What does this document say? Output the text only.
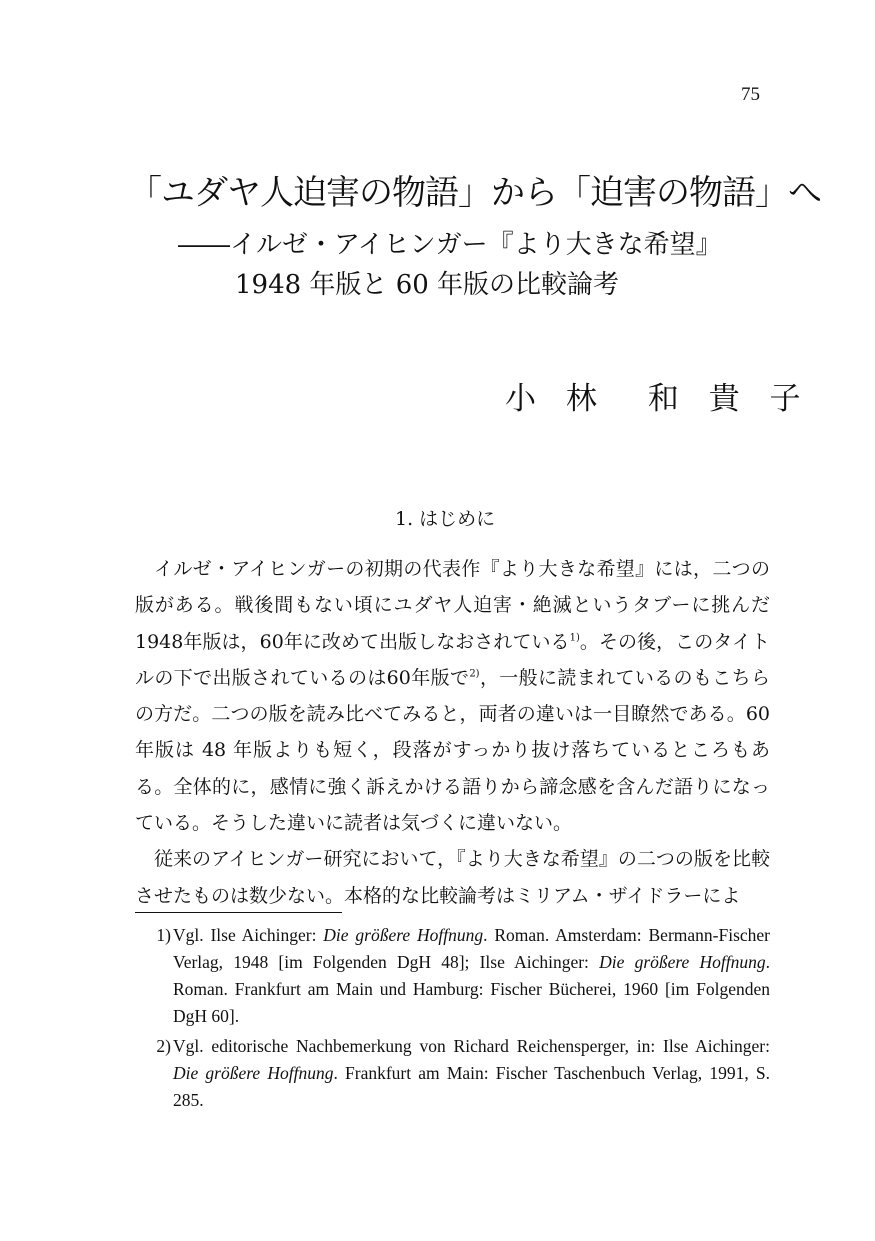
75
「ユダヤ人迫害の物語」から「迫害の物語」へ
――イルゼ・アイヒンガー『より大きな希望』
1948 年版と 60 年版の比較論考
小 林　和 貴 子
1. はじめに

イルゼ・アイヒンガーの初期の代表作『より大きな希望』には，二つの版がある。戦後間もない頃にユダヤ人迫害・絶滅というタブーに挑んだ1948年版は，60年に改めて出版しなおされている$^{1)}$。その後，このタイトルの下で出版されているのは60年版で$^{2)}$，一般に読まれているのもこちらの方だ。二つの版を読み比べてみると，両者の違いは一目瞭然である。60 年版は 48 年版よりも短く，段落がすっかり抜け落ちているところもある。全体的に，感情に強く訴えかける語りから諦念感を含んだ語りになっている。そうした違いに読者は気づくに違いない。

従来のアイヒンガー研究において，『より大きな希望』の二つの版を比較させたものは数少ない。本格的な比較論考はミリアム・ザイドラーによ

1) Vgl. Ilse Aichinger: Die größere Hoffnung. Roman. Amsterdam: Bermann-Fischer Verlag, 1948 [im Folgenden DgH 48]; Ilse Aichinger: Die größere Hoffnung. Roman. Frankfurt am Main und Hamburg: Fischer Bücherei, 1960 [im Folgenden DgH 60].
2) Vgl. editorische Nachbemerkung von Richard Reichensperger, in: Ilse Aichinger: Die größere Hoffnung. Frankfurt am Main: Fischer Taschenbuch Verlag, 1991, S. 285.
